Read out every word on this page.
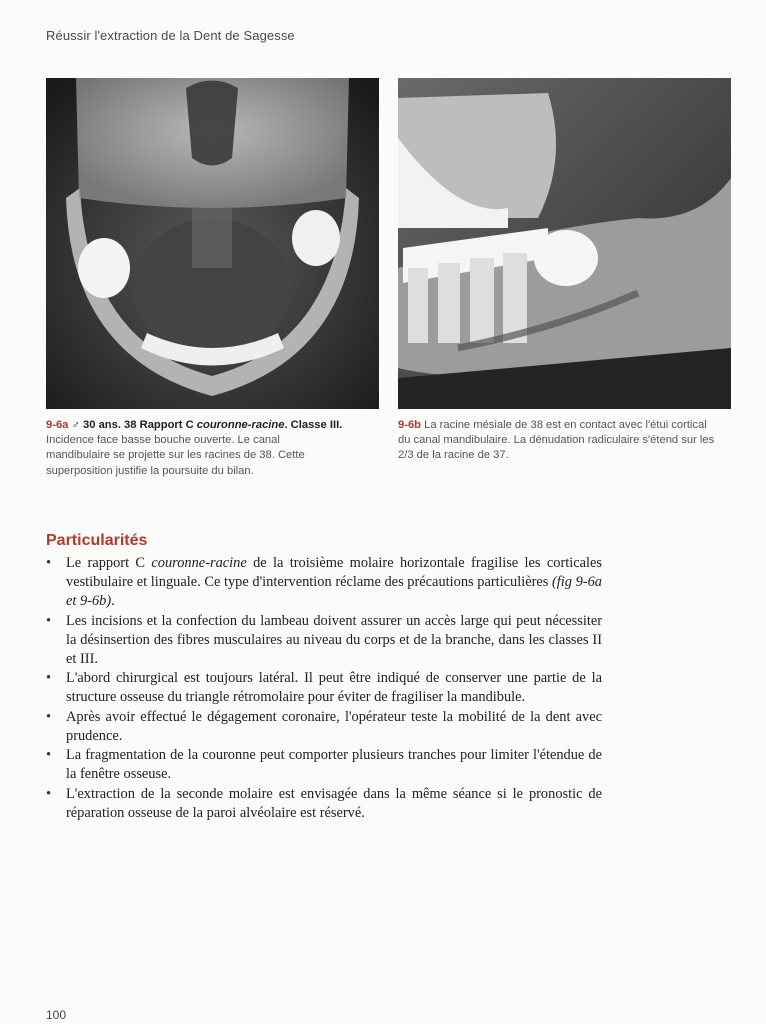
Réussir l'extraction de la Dent de Sagesse
9-6a ♂ 30 ans. 38 Rapport C couronne-racine. Classe III. Incidence face basse bouche ouverte. Le canal mandibulaire se projette sur les racines de 38. Cette superposition justifie la poursuite du bilan.
9-6b La racine mésiale de 38 est en contact avec l'étui cortical du canal mandibulaire. La dénudation radiculaire s'étend sur les 2/3 de la racine de 37.
Particularités
• Le rapport C couronne-racine de la troisième molaire horizontale fragilise les corticales vestibulaire et linguale. Ce type d'intervention réclame des précautions particulières (fig 9-6a et 9-6b).
• Les incisions et la confection du lambeau doivent assurer un accès large qui peut nécessiter la désinsertion des fibres musculaires au niveau du corps et de la branche, dans les classes II et III.
• L'abord chirurgical est toujours latéral. Il peut être indiqué de conserver une partie de la structure osseuse du triangle rétromolaire pour éviter de fragiliser la mandibule.
• Après avoir effectué le dégagement coronaire, l'opérateur teste la mobilité de la dent avec prudence.
• La fragmentation de la couronne peut comporter plusieurs tranches pour limiter l'étendue de la fenêtre osseuse.
• L'extraction de la seconde molaire est envisagée dans la même séance si le pronostic de réparation osseuse de la paroi alvéolaire est réservé.
100
